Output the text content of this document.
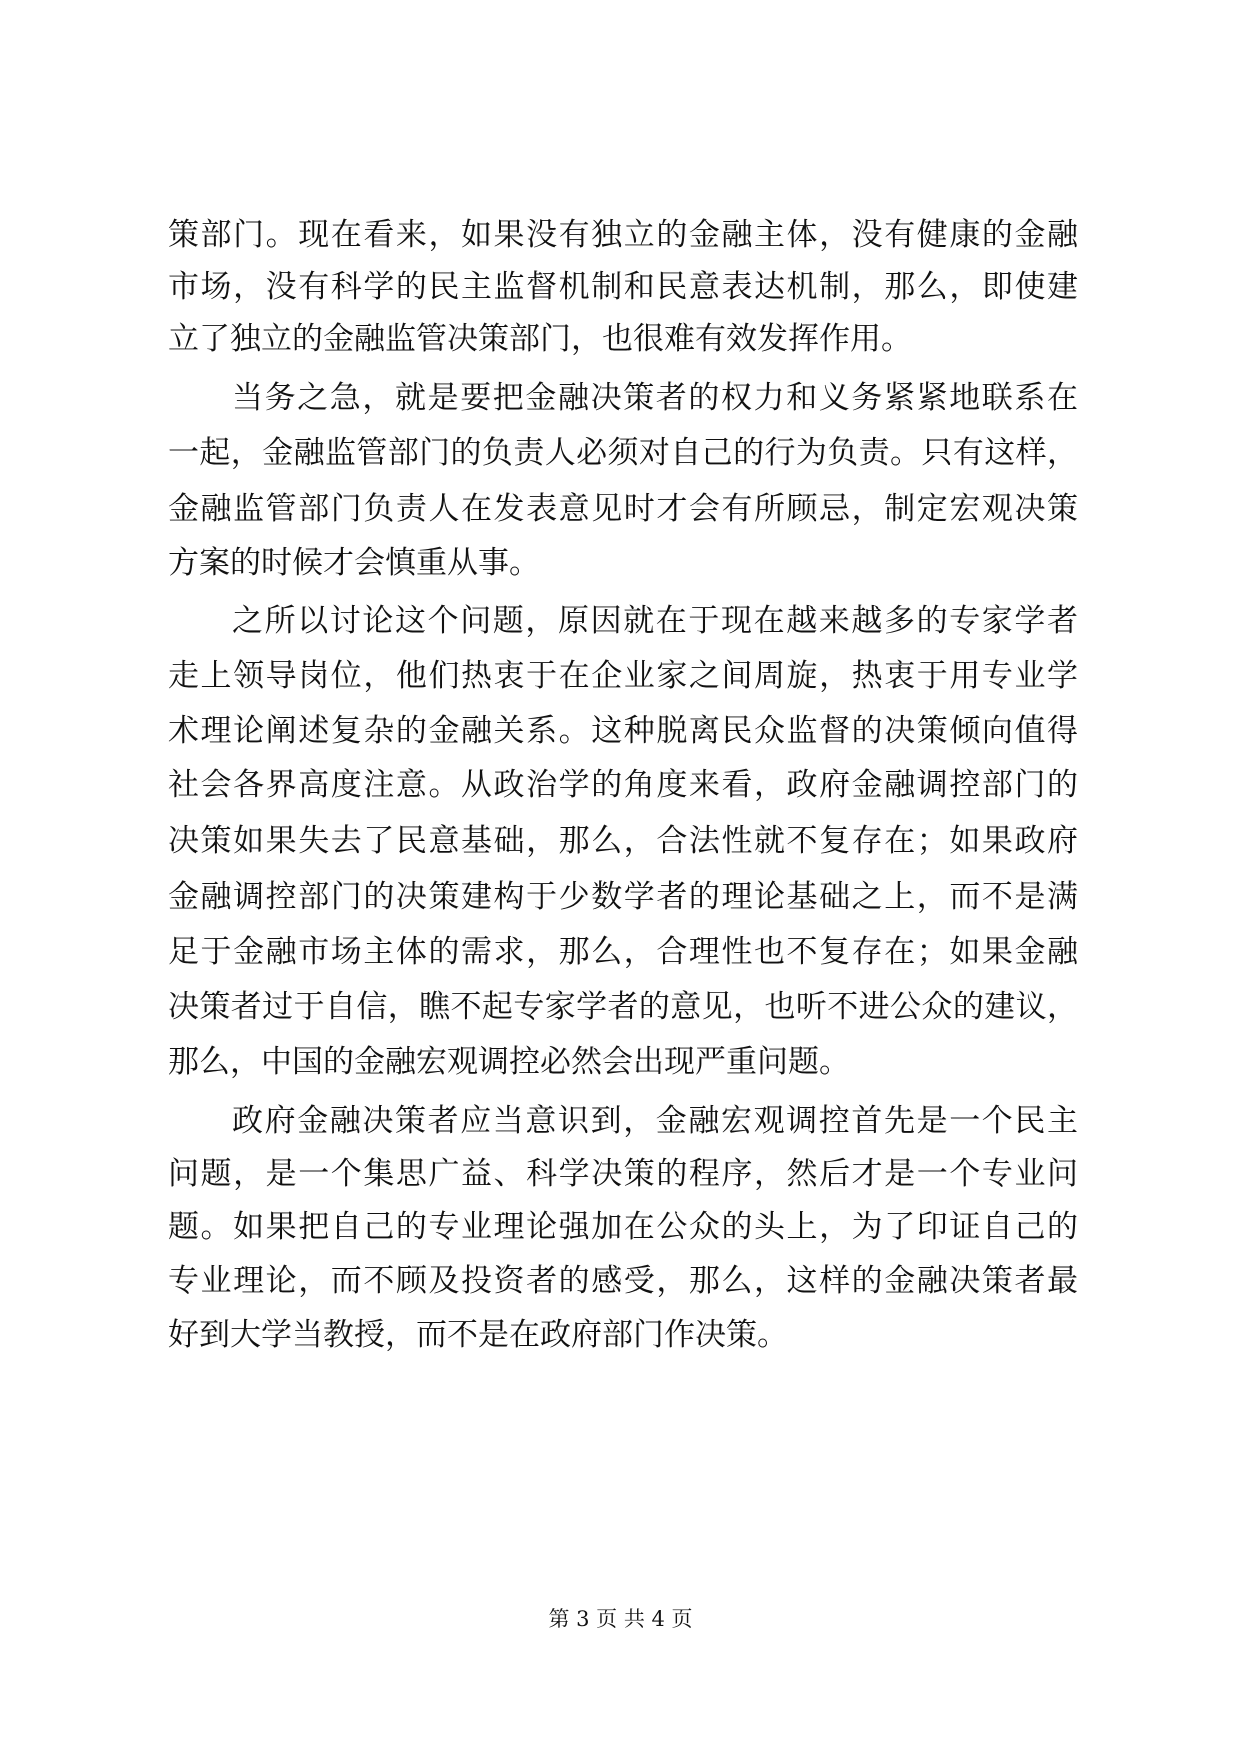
策部门。现在看来，如果没有独立的金融主体，没有健康的金融
市场，没有科学的民主监督机制和民意表达机制，那么，即使建
立了独立的金融监管决策部门，也很难有效发挥作用。
当务之急，就是要把金融决策者的权力和义务紧紧地联系在
一起，金融监管部门的负责人必须对自己的行为负责。只有这样，
金融监管部门负责人在发表意见时才会有所顾忌，制定宏观决策
方案的时候才会慎重从事。
之所以讨论这个问题，原因就在于现在越来越多的专家学者
走上领导岗位，他们热衷于在企业家之间周旋，热衷于用专业学
术理论阐述复杂的金融关系。这种脱离民众监督的决策倾向值得
社会各界高度注意。从政治学的角度来看，政府金融调控部门的
决策如果失去了民意基础，那么，合法性就不复存在；如果政府
金融调控部门的决策建构于少数学者的理论基础之上，而不是满
足于金融市场主体的需求，那么，合理性也不复存在；如果金融
决策者过于自信，瞧不起专家学者的意见，也听不进公众的建议，
那么，中国的金融宏观调控必然会出现严重问题。
政府金融决策者应当意识到，金融宏观调控首先是一个民主
问题，是一个集思广益、科学决策的程序，然后才是一个专业问
题。如果把自己的专业理论强加在公众的头上，为了印证自己的
专业理论，而不顾及投资者的感受，那么，这样的金融决策者最
好到大学当教授，而不是在政府部门作决策。
第 3 页 共 4 页
